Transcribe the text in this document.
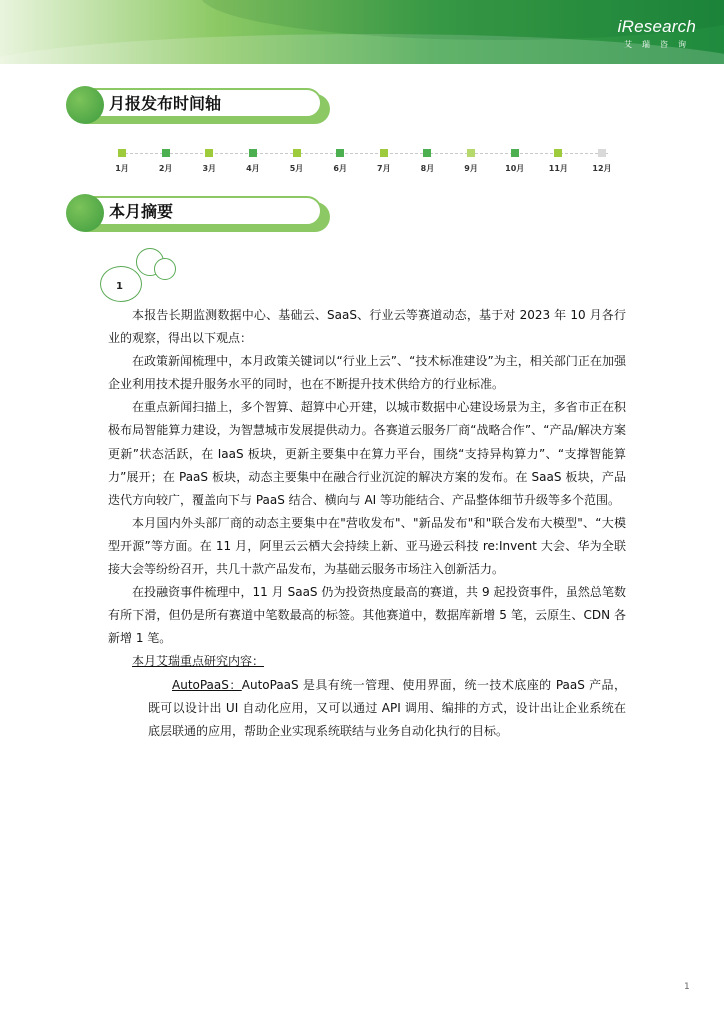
iResearch
艾瑞咨询
月报发布时间轴
1月	2月	3月	4月	5月	6月	7月	8月	9月	10月	11月	12月
本月摘要
1

本报告长期监测数据中心、基础云、SaaS、行业云等赛道动态，基于对 2023 年 10 月各行业的观察，得出以下观点：

在政策新闻梳理中，本月政策关键词以“行业上云”、“技术标准建设”为主，相关部门正在加强企业利用技术提升服务水平的同时，也在不断提升技术供给方的行业标准。

在重点新闻扫描上，多个智算、超算中心开建，以城市数据中心建设场景为主，多省市正在积极布局智能算力建设，为智慧城市发展提供动力。各赛道云服务厂商“战略合作”、“产品/解决方案更新”状态活跃，在 IaaS 板块，更新主要集中在算力平台，围绕“支持异构算力”、“支撑智能算力”展开；在 PaaS 板块，动态主要集中在融合行业沉淀的解决方案的发布。在 SaaS 板块，产品迭代方向较广，覆盖向下与 PaaS 结合、横向与 AI 等功能结合、产品整体细节升级等多个范围。

本月国内外头部厂商的动态主要集中在"营收发布"、"新品发布"和"联合发布大模型"、“大模型开源”等方面。在 11 月，阿里云云栖大会持续上新、亚马逊云科技 re:Invent 大会、华为全联接大会等纷纷召开，共几十款产品发布，为基础云服务市场注入创新活力。

在投融资事件梳理中，11 月 SaaS 仍为投资热度最高的赛道，共 9 起投资事件，虽然总笔数有所下滑，但仍是所有赛道中笔数最高的标签。其他赛道中，数据库新增 5 笔，云原生、CDN 各新增 1 笔。

本月艾瑞重点研究内容：
AutoPaaS：AutoPaaS 是具有统一管理、使用界面，统一技术底座的 PaaS 产品，既可以设计出 UI 自动化应用，又可以通过 API 调用、编排的方式，设计出让企业系统在底层联通的应用，帮助企业实现系统联结与业务自动化执行的目标。
1
